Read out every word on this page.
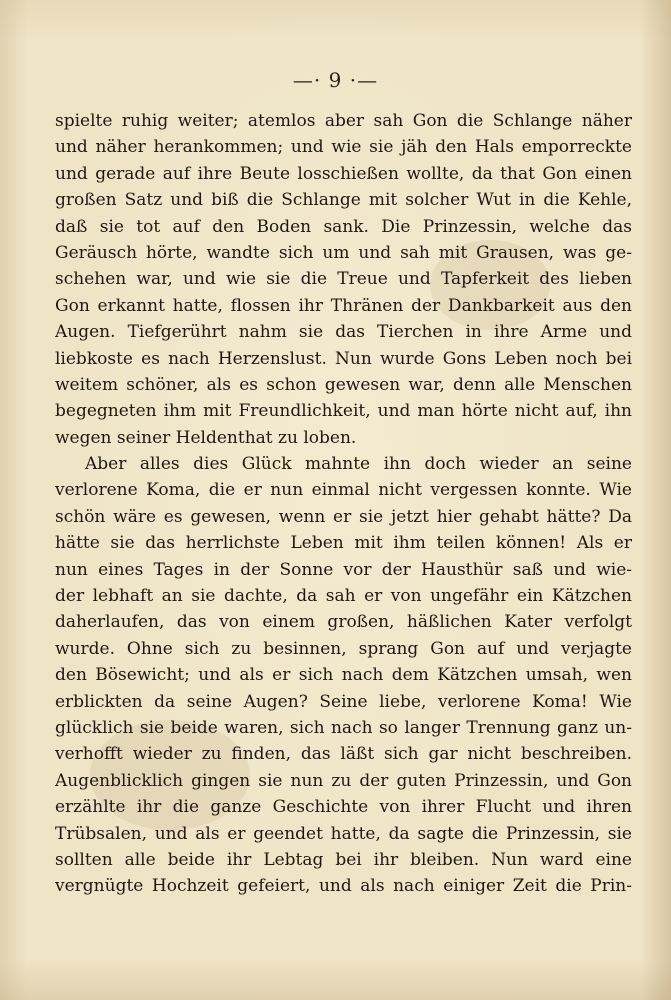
—· 9 ·—
spielte ruhig weiter; atemlos aber sah Gon die Schlange näher
und näher herankommen; und wie sie jäh den Hals emporreckte
und gerade auf ihre Beute losschießen wollte, da that Gon einen
großen Satz und biß die Schlange mit solcher Wut in die Kehle,
daß sie tot auf den Boden sank. Die Prinzessin, welche das
Geräusch hörte, wandte sich um und sah mit Grausen, was ge-
schehen war, und wie sie die Treue und Tapferkeit des lieben
Gon erkannt hatte, flossen ihr Thränen der Dankbarkeit aus den
Augen. Tiefgerührt nahm sie das Tierchen in ihre Arme und
liebkoste es nach Herzenslust. Nun wurde Gons Leben noch bei
weitem schöner, als es schon gewesen war, denn alle Menschen
begegneten ihm mit Freundlichkeit, und man hörte nicht auf, ihn
wegen seiner Heldenthat zu loben.
Aber alles dies Glück mahnte ihn doch wieder an seine
verlorene Koma, die er nun einmal nicht vergessen konnte. Wie
schön wäre es gewesen, wenn er sie jetzt hier gehabt hätte? Da
hätte sie das herrlichste Leben mit ihm teilen können! Als er
nun eines Tages in der Sonne vor der Hausthür saß und wie-
der lebhaft an sie dachte, da sah er von ungefähr ein Kätzchen
daherlaufen, das von einem großen, häßlichen Kater verfolgt
wurde. Ohne sich zu besinnen, sprang Gon auf und verjagte
den Bösewicht; und als er sich nach dem Kätzchen umsah, wen
erblickten da seine Augen? Seine liebe, verlorene Koma! Wie
glücklich sie beide waren, sich nach so langer Trennung ganz un-
verhofft wieder zu finden, das läßt sich gar nicht beschreiben.
Augenblicklich gingen sie nun zu der guten Prinzessin, und Gon
erzählte ihr die ganze Geschichte von ihrer Flucht und ihren
Trübsalen, und als er geendet hatte, da sagte die Prinzessin, sie
sollten alle beide ihr Lebtag bei ihr bleiben. Nun ward eine
vergnügte Hochzeit gefeiert, und als nach einiger Zeit die Prin-
